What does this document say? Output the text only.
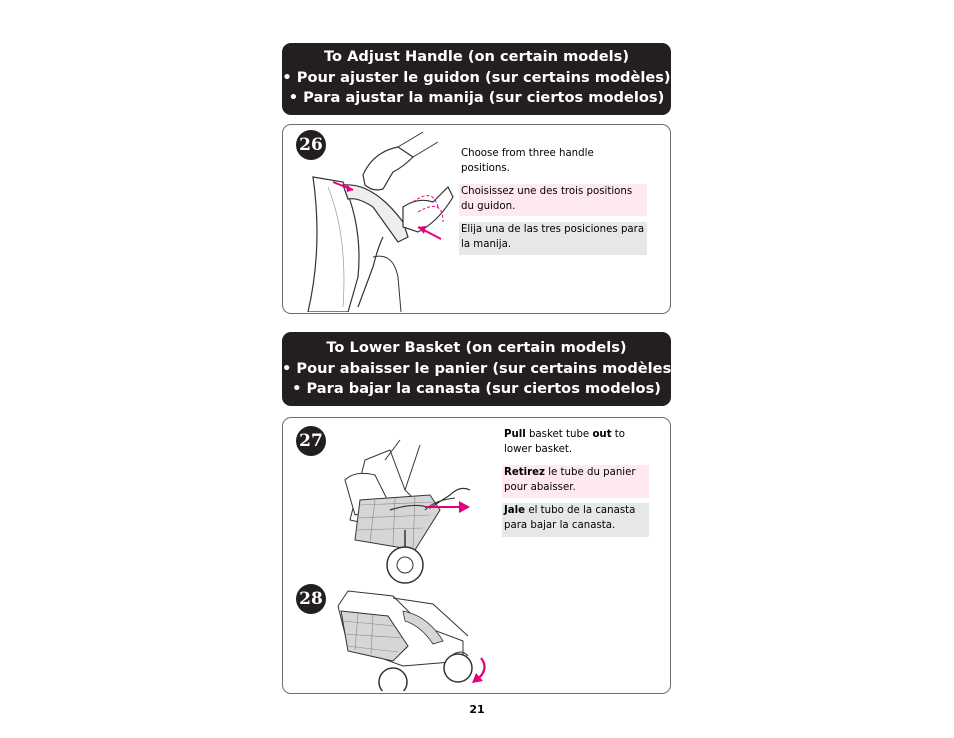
To Adjust Handle (on certain models)
• Pour ajuster le guidon (sur certains modèles)
• Para ajustar la manija (sur ciertos modelos)
26	Choose from three handle positions.
Choisissez une des trois positions du guidon.
Elija una de las tres posiciones para la manija.
To Lower Basket (on certain models)
• Pour abaisser le panier (sur certains modèles)
• Para bajar la canasta (sur ciertos modelos)
27	Pull basket tube out to lower basket.
Retirez le tube du panier pour abaisser.
Jale el tubo de la canasta para bajar la canasta.
28
21
